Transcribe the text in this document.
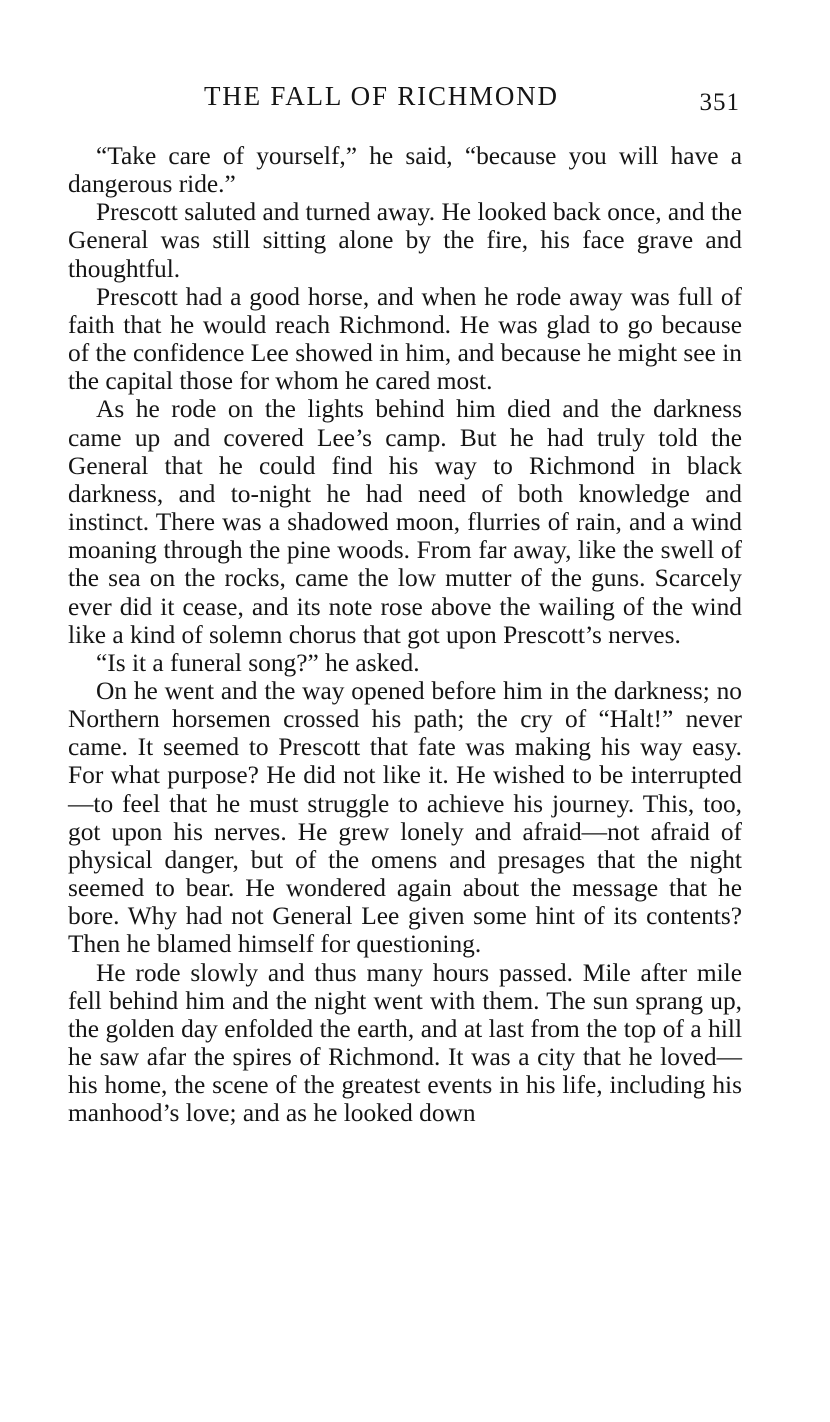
THE FALL OF RICHMOND	351

“Take care of yourself,” he said, “because you will have a dangerous ride.”

Prescott saluted and turned away. He looked back once, and the General was still sitting alone by the fire, his face grave and thoughtful.

Prescott had a good horse, and when he rode away was full of faith that he would reach Richmond. He was glad to go because of the confidence Lee showed in him, and because he might see in the capital those for whom he cared most.

As he rode on the lights behind him died and the darkness came up and covered Lee’s camp. But he had truly told the General that he could find his way to Richmond in black darkness, and to-night he had need of both knowledge and instinct. There was a shadowed moon, flurries of rain, and a wind moaning through the pine woods. From far away, like the swell of the sea on the rocks, came the low mutter of the guns. Scarcely ever did it cease, and its note rose above the wailing of the wind like a kind of solemn chorus that got upon Prescott’s nerves.

“Is it a funeral song?” he asked.

On he went and the way opened before him in the darkness; no Northern horsemen crossed his path; the cry of “Halt!” never came. It seemed to Prescott that fate was making his way easy. For what purpose? He did not like it. He wished to be interrupted—to feel that he must struggle to achieve his journey. This, too, got upon his nerves. He grew lonely and afraid—not afraid of physical danger, but of the omens and presages that the night seemed to bear. He wondered again about the message that he bore. Why had not General Lee given some hint of its contents? Then he blamed himself for questioning.

He rode slowly and thus many hours passed. Mile after mile fell behind him and the night went with them. The sun sprang up, the golden day enfolded the earth, and at last from the top of a hill he saw afar the spires of Richmond. It was a city that he loved—his home, the scene of the greatest events in his life, including his manhood’s love; and as he looked down
